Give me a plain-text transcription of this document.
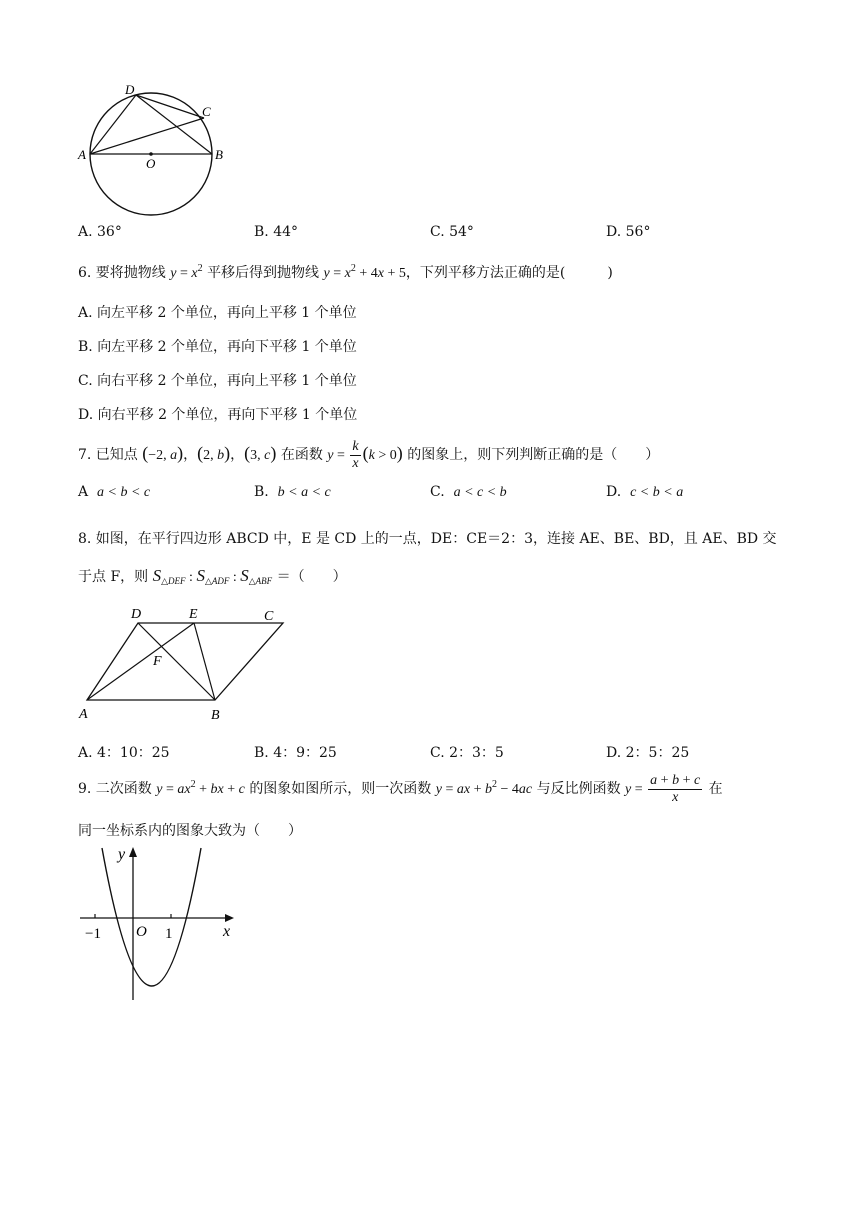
D
C
A
O
B
A. 36°	B. 44°	C. 54°	D. 56°
6. 要将抛物线 $y = x^2$ 平移后得到抛物线 $y = x^2 + 4x + 5$，下列平移方法正确的是(　　　)
A. 向左平移 2 个单位，再向上平移 1 个单位
B. 向左平移 2 个单位，再向下平移 1 个单位
C. 向右平移 2 个单位，再向上平移 1 个单位
D. 向右平移 2 个单位，再向下平移 1 个单位
7. 已知点 (−2, a)，(2, b)，(3, c) 在函数 $y = \frac{k}{x} (k > 0)$ 的图象上，则下列判断正确的是（　　）
A a < b < c	B. b < a < c	C. a < c < b	D. c < b < a
8. 如图，在平行四边形 ABCD 中，E 是 CD 上的一点，DE：CE＝2：3，连接 AE、BE、BD，且 AE、BD 交
于点 F，则 $S_{\triangle DEF}$ : $S_{\triangle ADF}$ : $S_{\triangle ABF}$ ＝（　　）
D	E	C
F
A	B
A. 4：10：25	B. 4：9：25	C. 2：3：5	D. 2：5：25
9. 二次函数 $y = ax^2$ + bx + c 的图象如图所示，则一次函数 y = ax + $b^2 - 4ac$ 与反比例函数 $y = \frac{a + b + c}{x}$ 在
同一坐标系内的图象大致为（　　）
y
x
−1 O 1
